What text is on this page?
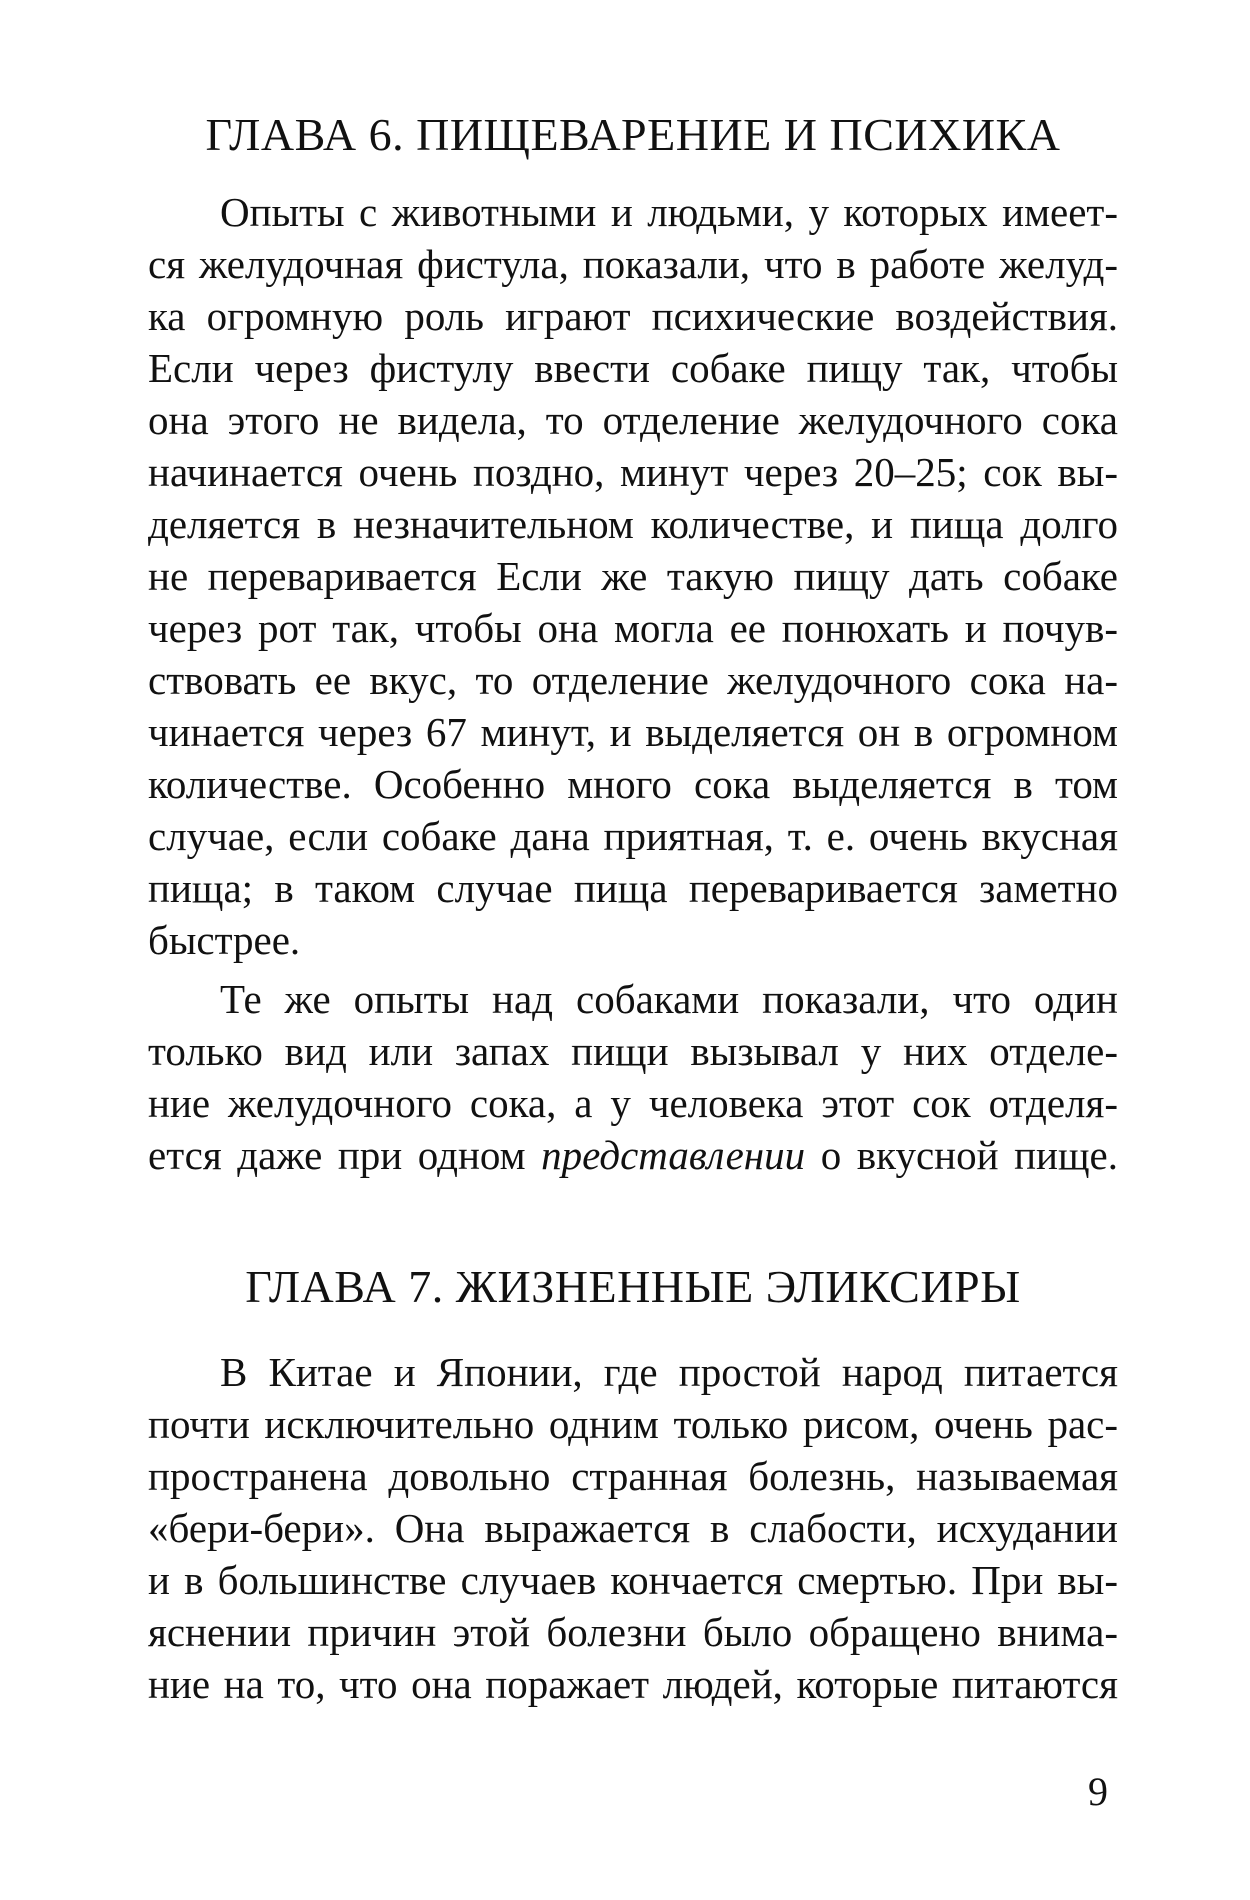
ГЛАВА 6. ПИЩЕВАРЕНИЕ И ПСИХИКА
Опыты с животными и людьми, у которых имеет-
ся желудочная фистула, показали, что в работе желуд-
ка огромную роль играют психические воздействия.
Если через фистулу ввести собаке пищу так, чтобы
она этого не видела, то отделение желудочного сока
начинается очень поздно, минут через 20–25; сок вы-
деляется в незначительном количестве, и пища долго
не переваривается Если же такую пищу дать собаке
через рот так, чтобы она могла ее понюхать и почув-
ствовать ее вкус, то отделение желудочного сока на-
чинается через 67 минут, и выделяется он в огромном
количестве. Особенно много сока выделяется в том
случае, если собаке дана приятная, т. е. очень вкусная
пища; в таком случае пища переваривается заметно
быстрее.
Те же опыты над собаками показали, что один
только вид или запах пищи вызывал у них отделе-
ние желудочного сока, а у человека этот сок отделя-
ется даже при одном представлении о вкусной пище.
ГЛАВА 7. ЖИЗНЕННЫЕ ЭЛИКСИРЫ
В Китае и Японии, где простой народ питается
почти исключительно одним только рисом, очень рас-
пространена довольно странная болезнь, называемая
«бери-бери». Она выражается в слабости, исхудании
и в большинстве случаев кончается смертью. При вы-
яснении причин этой болезни было обращено внима-
ние на то, что она поражает людей, которые питаются
9
